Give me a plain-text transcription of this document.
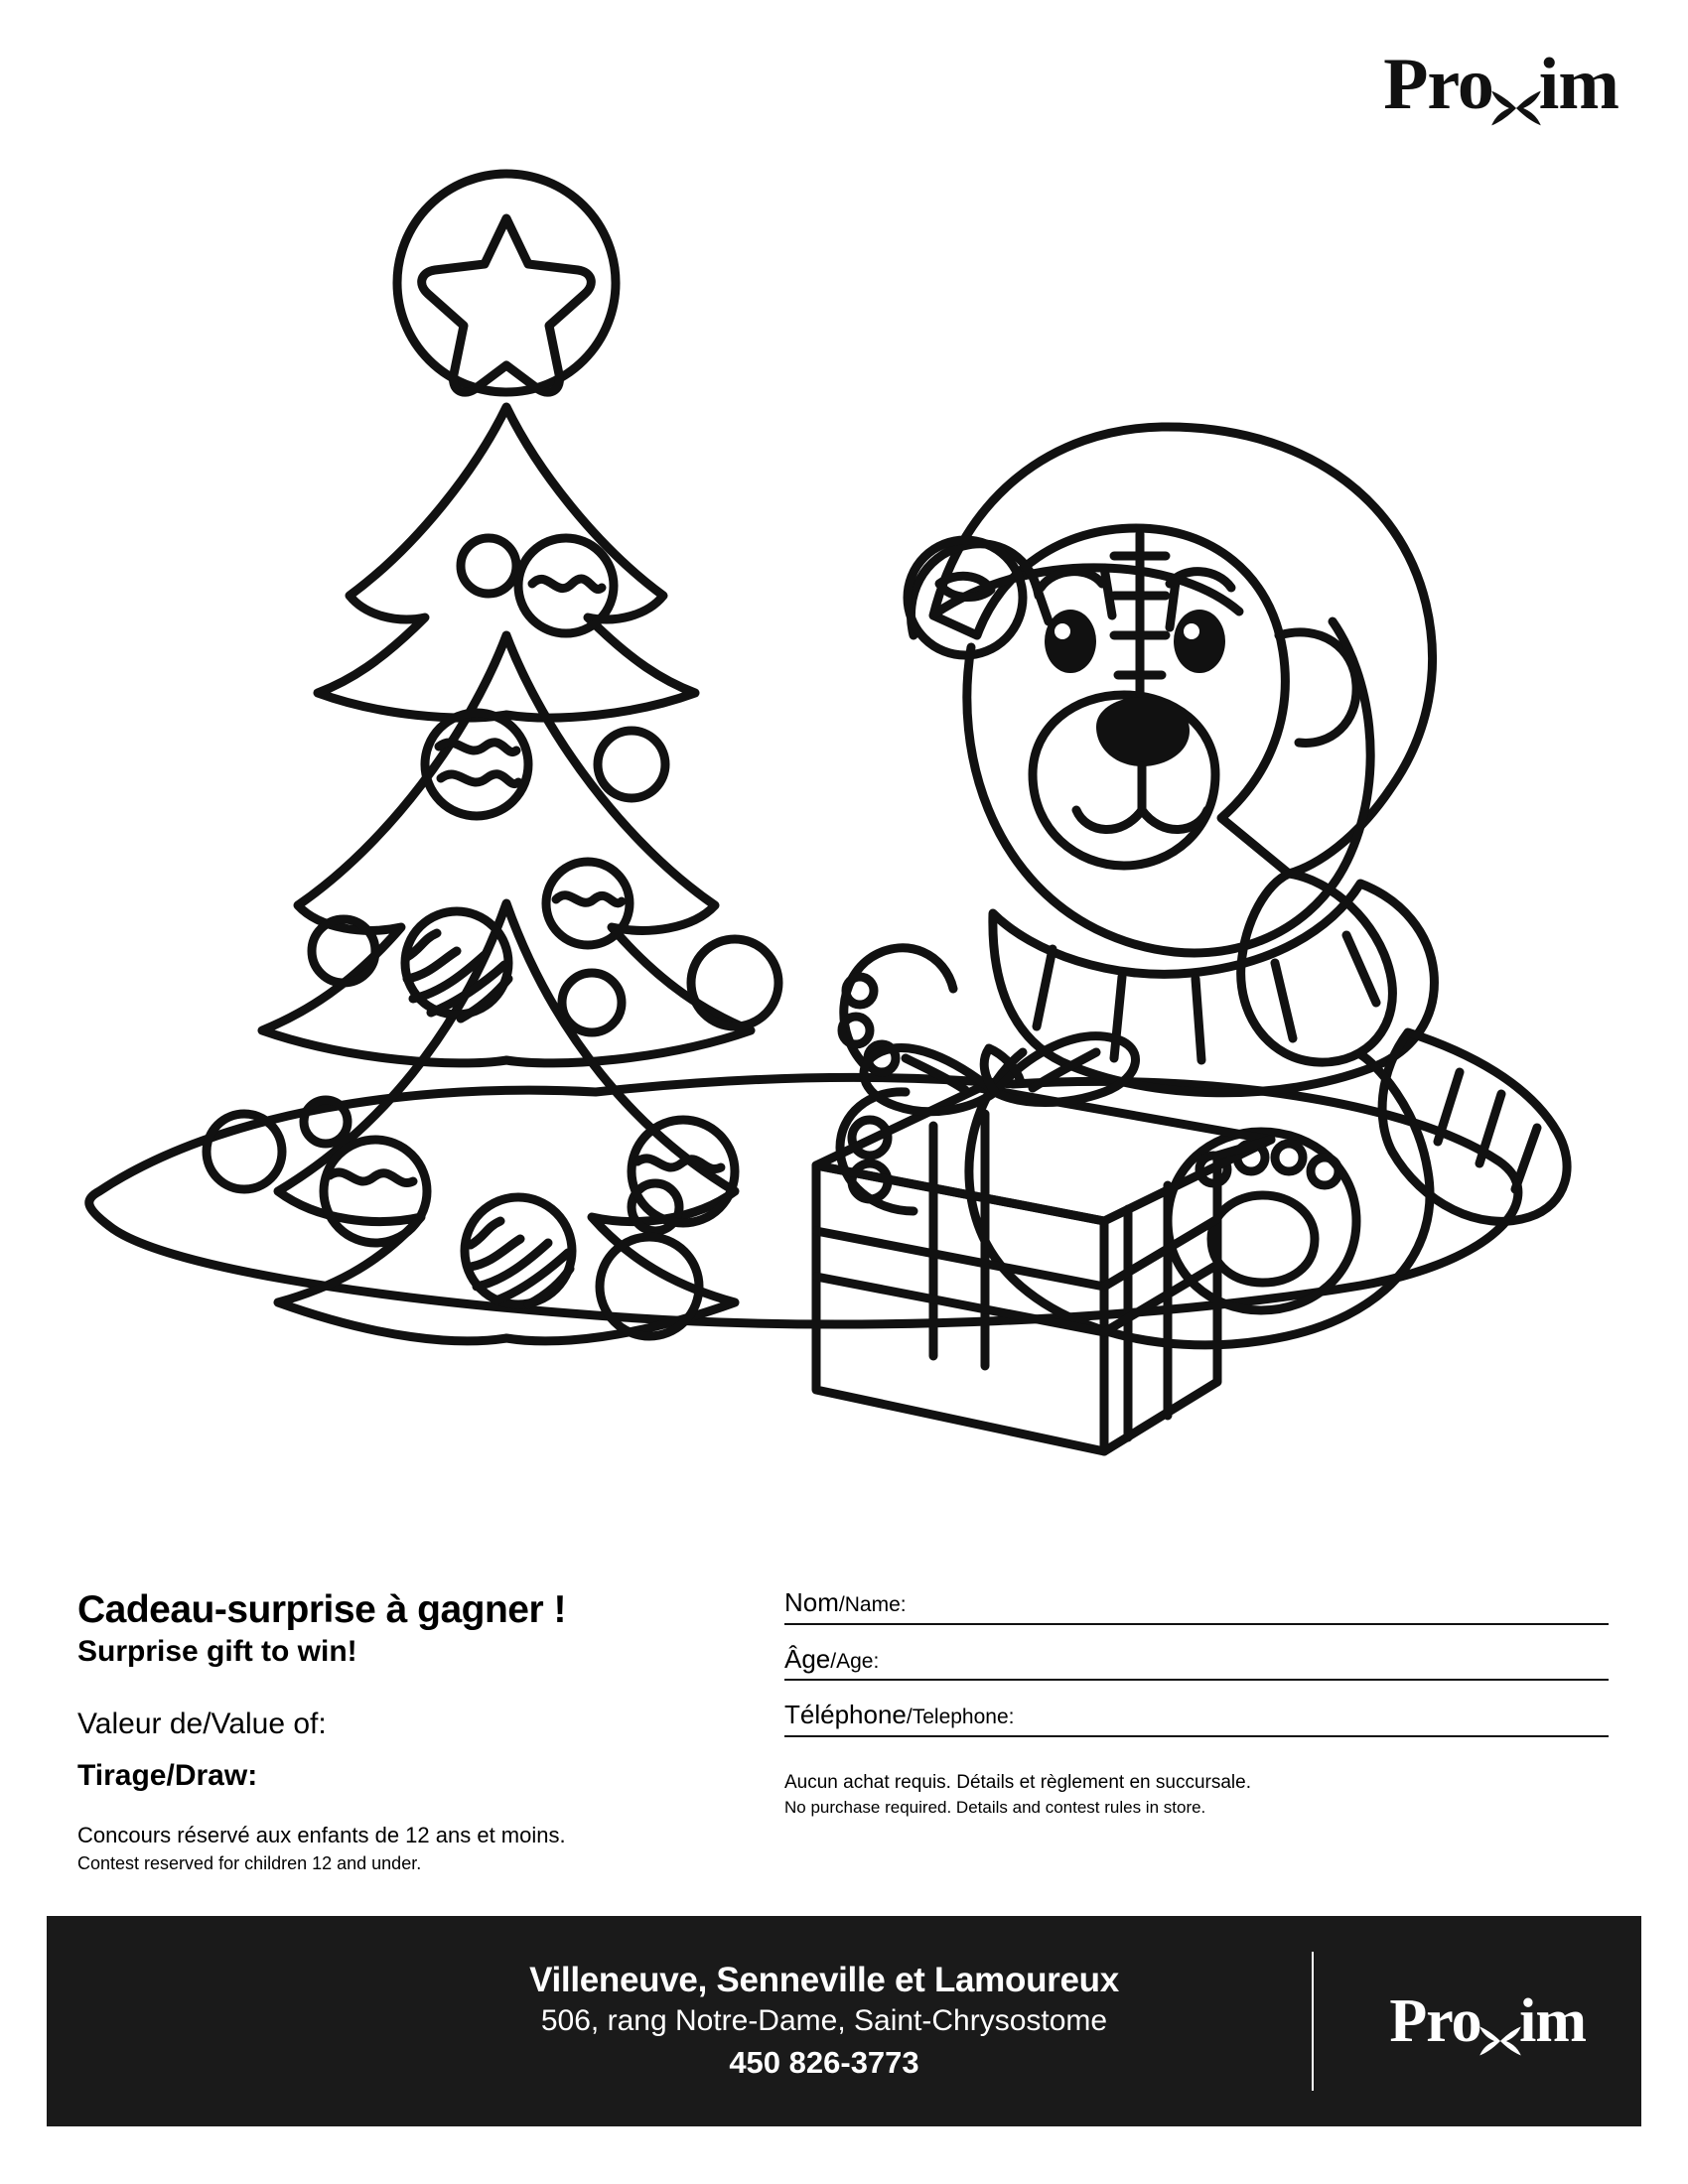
Pro im
Cadeau-surprise à gagner !
Surprise gift to win!
Valeur de/Value of:
Tirage/Draw:
Concours réservé aux enfants de 12 ans et moins.
Contest reserved for children 12 and under.
Nom/Name:
Âge/Age:
Téléphone/Telephone:
Aucun achat requis. Détails et règlement en succursale.
No purchase required. Details and contest rules in store.
Villeneuve, Senneville et Lamoureux
506, rang Notre-Dame, Saint-Chrysostome
450 826-3773
Pro im
